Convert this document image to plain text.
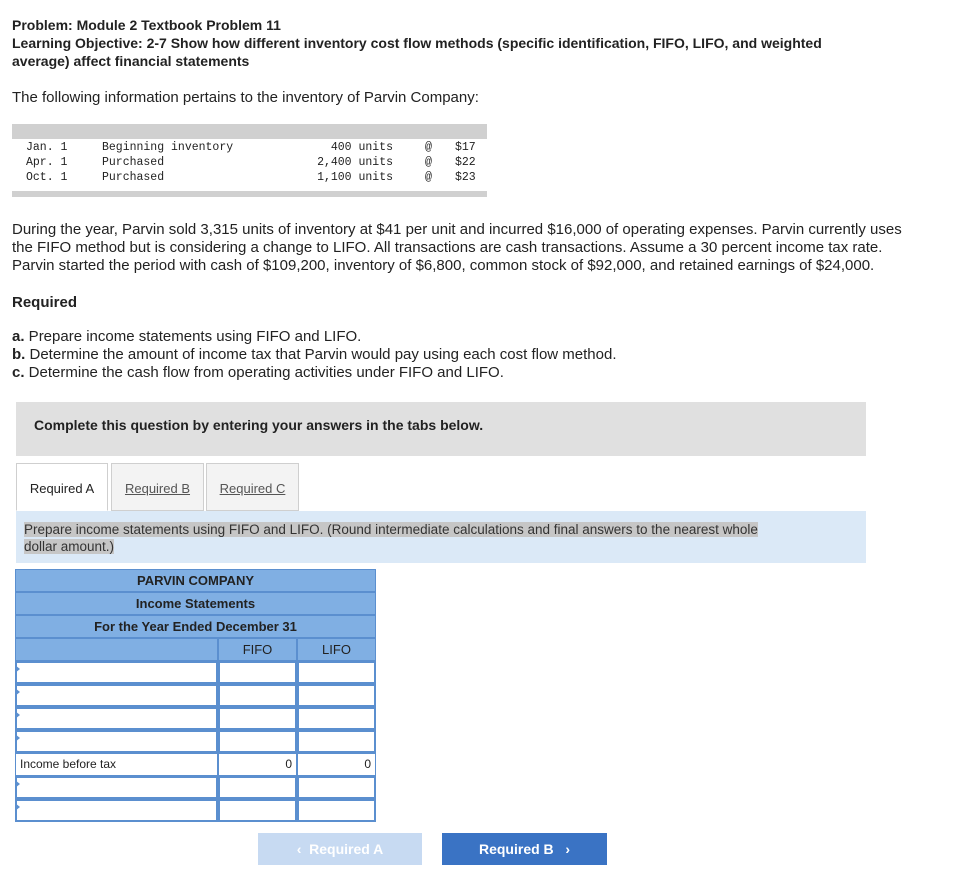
Problem: Module 2 Textbook Problem 11
Learning Objective: 2-7 Show how different inventory cost flow methods (specific identification, FIFO, LIFO, and weighted
average) affect financial statements
The following information pertains to the inventory of Parvin Company:
Jan. 1	Beginning inventory	400 units	@ $17
Apr. 1	Purchased	2,400 units	@ $22
Oct. 1	Purchased	1,100 units	@ $23
During the year, Parvin sold 3,315 units of inventory at $41 per unit and incurred $16,000 of operating expenses. Parvin currently uses
the FIFO method but is considering a change to LIFO. All transactions are cash transactions. Assume a 30 percent income tax rate.
Parvin started the period with cash of $109,200, inventory of $6,800, common stock of $92,000, and retained earnings of $24,000.
Required
a. Prepare income statements using FIFO and LIFO.
b. Determine the amount of income tax that Parvin would pay using each cost flow method.
c. Determine the cash flow from operating activities under FIFO and LIFO.
Complete this question by entering your answers in the tabs below.
Required A	Required B	Required C
Prepare income statements using FIFO and LIFO. (Round intermediate calculations and final answers to the nearest whole
dollar amount.)
PARVIN COMPANY
Income Statements
For the Year Ended December 31
FIFO	LIFO
Income before tax	0	0
‹ Required A	Required B ›
